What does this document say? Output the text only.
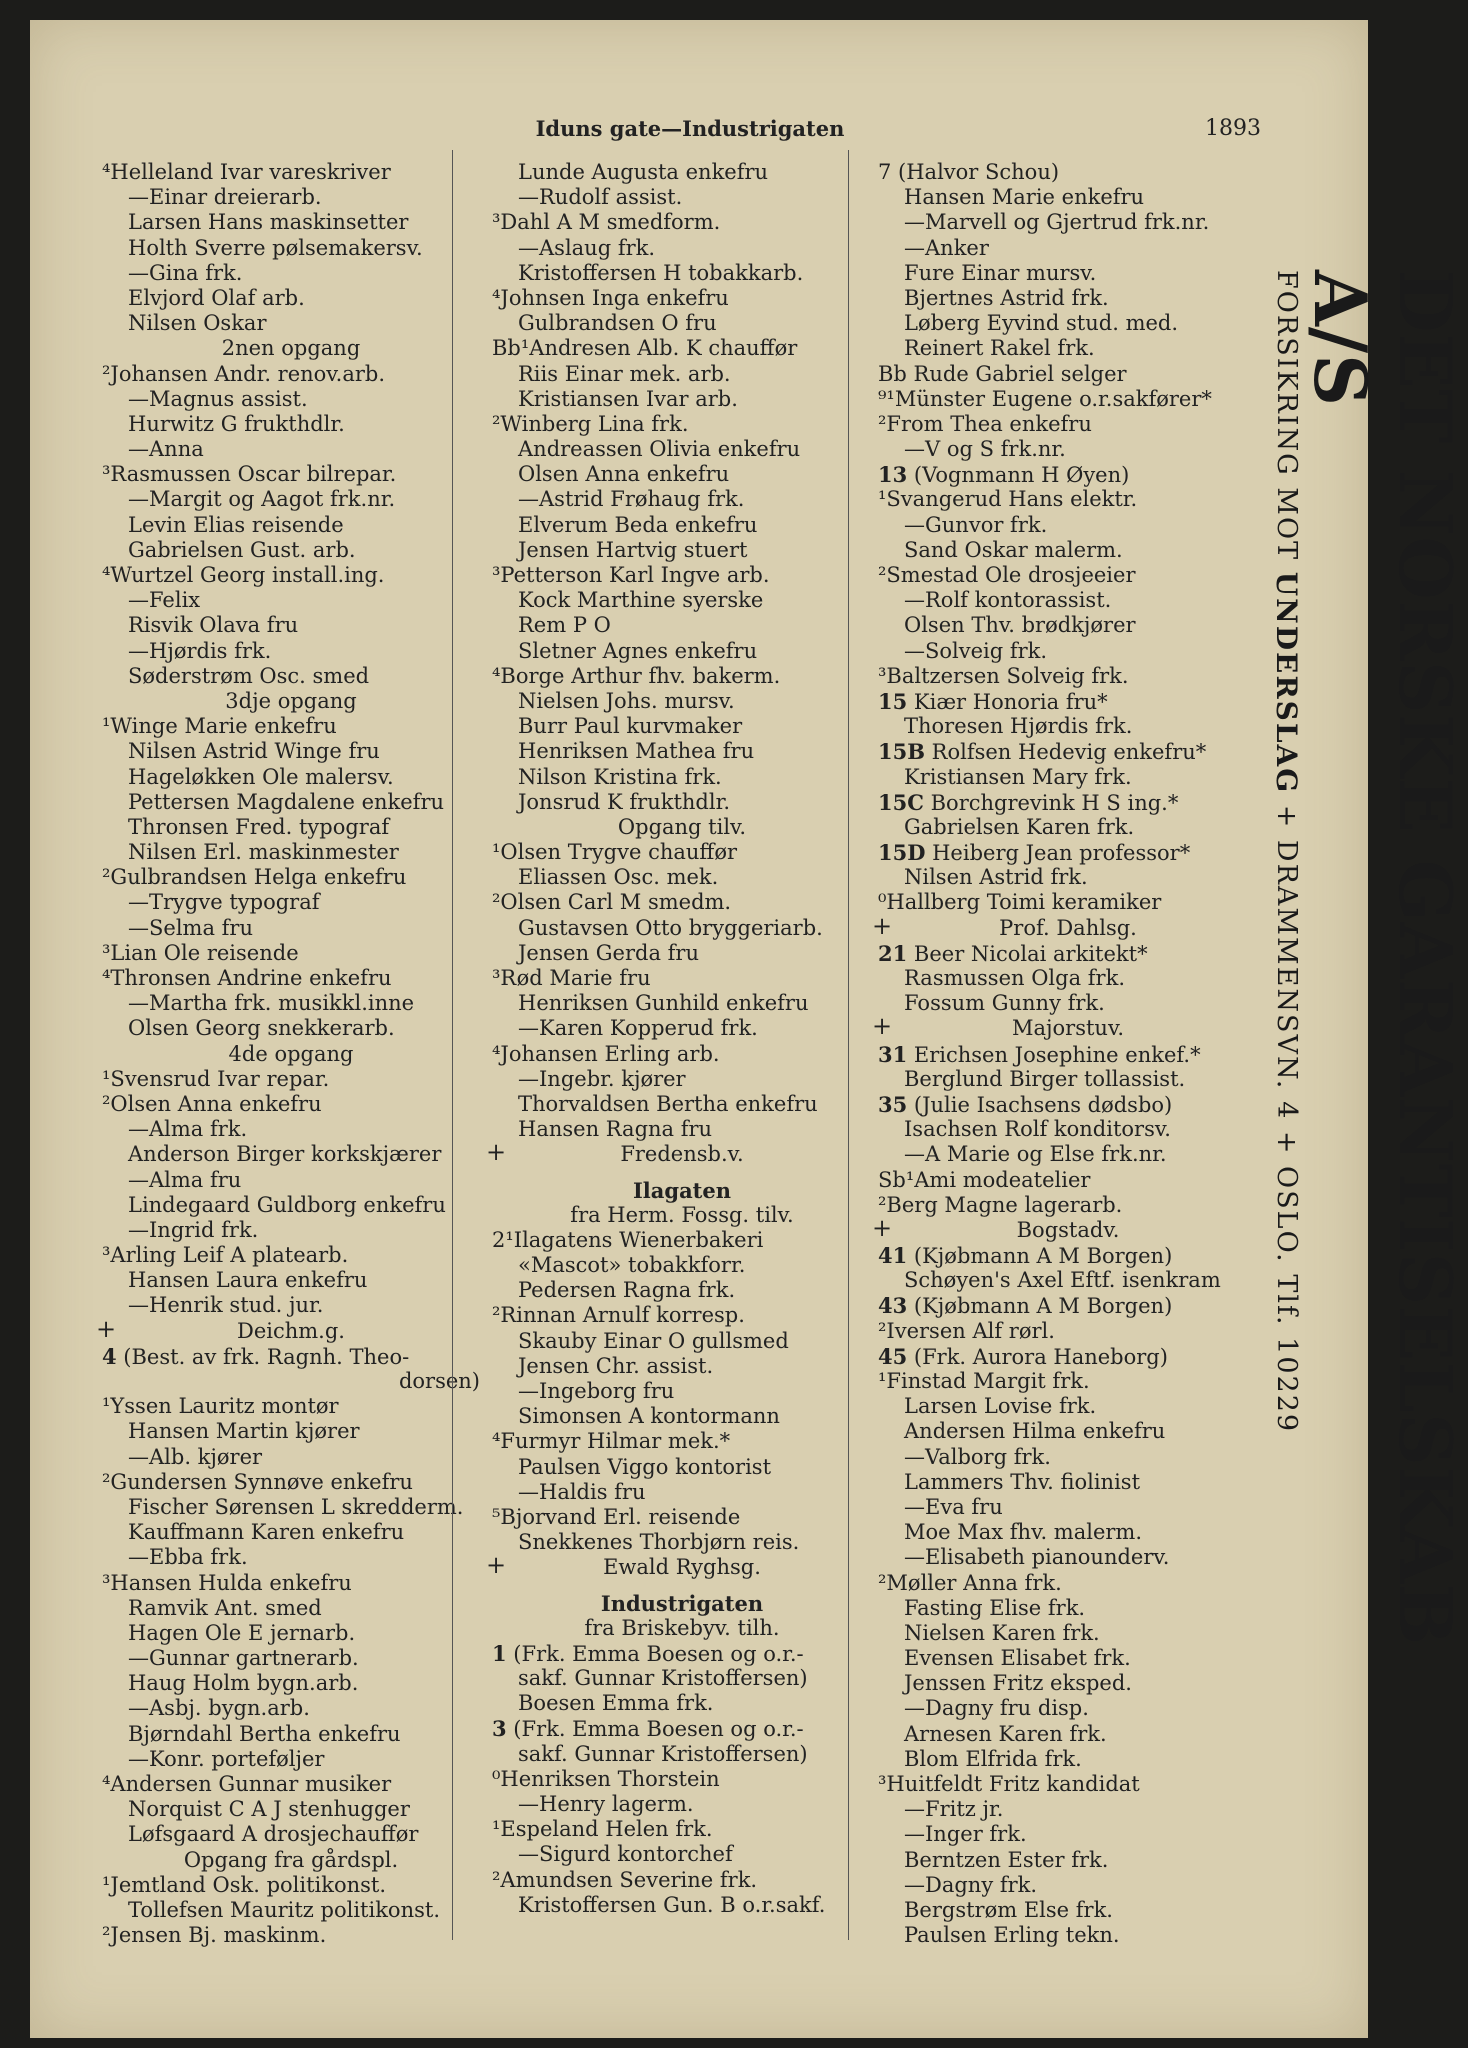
Iduns gate—Industrigaten	1893
⁴Helleland Ivar vareskriver
—Einar dreierarb.
Larsen Hans maskinsetter
Holth Sverre pølsemakersv.
—Gina frk.
Elvjord Olaf arb.
Nilsen Oskar
2nen opgang
²Johansen Andr. renov.arb.
—Magnus assist.
Hurwitz G frukthdlr.
—Anna
³Rasmussen Oscar bilrepar.
—Margit og Aagot frk.nr.
Levin Elias reisende
Gabrielsen Gust. arb.
⁴Wurtzel Georg install.ing.
—Felix
Risvik Olava fru
—Hjørdis frk.
Søderstrøm Osc. smed
3dje opgang
¹Winge Marie enkefru
Nilsen Astrid Winge fru
Hageløkken Ole malersv.
Pettersen Magdalene enkefru
Thronsen Fred. typograf
Nilsen Erl. maskinmester
²Gulbrandsen Helga enkefru
—Trygve typograf
—Selma fru
³Lian Ole reisende
⁴Thronsen Andrine enkefru
—Martha frk. musikkl.inne
Olsen Georg snekkerarb.
4de opgang
¹Svensrud Ivar repar.
²Olsen Anna enkefru
—Alma frk.
Anderson Birger korkskjærer
—Alma fru
Lindegaard Guldborg enkefru
—Ingrid frk.
³Arling Leif A platearb.
Hansen Laura enkefru
—Henrik stud. jur.
+	Deichm.g.
4 (Best. av frk. Ragnh. Theo-
dorsen)
¹Yssen Lauritz montør
Hansen Martin kjører
—Alb. kjører
²Gundersen Synnøve enkefru
Fischer Sørensen L skredderm.
Kauffmann Karen enkefru
—Ebba frk.
³Hansen Hulda enkefru
Ramvik Ant. smed
Hagen Ole E jernarb.
—Gunnar gartnerarb.
Haug Holm bygn.arb.
—Asbj. bygn.arb.
Bjørndahl Bertha enkefru
—Konr. porteføljer
⁴Andersen Gunnar musiker
Norquist C A J stenhugger
Løfsgaard A drosjechauffør
Opgang fra gårdspl.
¹Jemtland Osk. politikonst.
Tollefsen Mauritz politikonst.
²Jensen Bj. maskinm.
Lunde Augusta enkefru
—Rudolf assist.
³Dahl A M smedform.
—Aslaug frk.
Kristoffersen H tobakkarb.
⁴Johnsen Inga enkefru
Gulbrandsen O fru
Bb¹Andresen Alb. K chauffør
Riis Einar mek. arb.
Kristiansen Ivar arb.
²Winberg Lina frk.
Andreassen Olivia enkefru
Olsen Anna enkefru
—Astrid Frøhaug frk.
Elverum Beda enkefru
Jensen Hartvig stuert
³Petterson Karl Ingve arb.
Kock Marthine syerske
Rem P O
Sletner Agnes enkefru
⁴Borge Arthur fhv. bakerm.
Nielsen Johs. mursv.
Burr Paul kurvmaker
Henriksen Mathea fru
Nilson Kristina frk.
Jonsrud K frukthdlr.
Opgang tilv.
¹Olsen Trygve chauffør
Eliassen Osc. mek.
²Olsen Carl M smedm.
Gustavsen Otto bryggeriarb.
Jensen Gerda fru
³Rød Marie fru
Henriksen Gunhild enkefru
—Karen Kopperud frk.
⁴Johansen Erling arb.
—Ingebr. kjører
Thorvaldsen Bertha enkefru
Hansen Ragna fru
+	Fredensb.v.
Ilagaten
fra Herm. Fossg. tilv.
2¹Ilagatens Wienerbakeri
«Mascot» tobakkforr.
Pedersen Ragna frk.
²Rinnan Arnulf korresp.
Skauby Einar O gullsmed
Jensen Chr. assist.
—Ingeborg fru
Simonsen A kontormann
⁴Furmyr Hilmar mek.*
Paulsen Viggo kontorist
—Haldis fru
⁵Bjorvand Erl. reisende
Snekkenes Thorbjørn reis.
+	Ewald Ryghsg.
Industrigaten
fra Briskebyv. tilh.
1 (Frk. Emma Boesen og o.r.-
sakf. Gunnar Kristoffersen)
Boesen Emma frk.
3 (Frk. Emma Boesen og o.r.-
sakf. Gunnar Kristoffersen)
⁰Henriksen Thorstein
—Henry lagerm.
¹Espeland Helen frk.
—Sigurd kontorchef
²Amundsen Severine frk.
Kristoffersen Gun. B o.r.sakf.
7 (Halvor Schou)
Hansen Marie enkefru
—Marvell og Gjertrud frk.nr.
—Anker
Fure Einar mursv.
Bjertnes Astrid frk.
Løberg Eyvind stud. med.
Reinert Rakel frk.
Bb Rude Gabriel selger
⁹¹Münster Eugene o.r.sakfører*
²From Thea enkefru
—V og S frk.nr.
13 (Vognmann H Øyen)
¹Svangerud Hans elektr.
—Gunvor frk.
Sand Oskar malerm.
²Smestad Ole drosjeeier
—Rolf kontorassist.
Olsen Thv. brødkjører
—Solveig frk.
³Baltzersen Solveig frk.
15 Kiær Honoria fru*
Thoresen Hjørdis frk.
15B Rolfsen Hedevig enkefru*
Kristiansen Mary frk.
15C Borchgrevink H S ing.*
Gabrielsen Karen frk.
15D Heiberg Jean professor*
Nilsen Astrid frk.
⁰Hallberg Toimi keramiker
+	Prof. Dahlsg.
21 Beer Nicolai arkitekt*
Rasmussen Olga frk.
Fossum Gunny frk.
+	Majorstuv.
31 Erichsen Josephine enkef.*
Berglund Birger tollassist.
35 (Julie Isachsens dødsbo)
Isachsen Rolf konditorsv.
—A Marie og Else frk.nr.
Sb¹Ami modeatelier
²Berg Magne lagerarb.
+	Bogstadv.
41 (Kjøbmann A M Borgen)
Schøyen's Axel Eftf. isenkram
43 (Kjøbmann A M Borgen)
²Iversen Alf rørl.
45 (Frk. Aurora Haneborg)
¹Finstad Margit frk.
Larsen Lovise frk.
Andersen Hilma enkefru
—Valborg frk.
Lammers Thv. fiolinist
—Eva fru
Moe Max fhv. malerm.
—Elisabeth pianounderv.
²Møller Anna frk.
Fasting Elise frk.
Nielsen Karen frk.
Evensen Elisabet frk.
Jenssen Fritz eksped.
—Dagny fru disp.
Arnesen Karen frk.
Blom Elfrida frk.
³Huitfeldt Fritz kandidat
—Fritz jr.
—Inger frk.
Berntzen Ester frk.
—Dagny frk.
Bergstrøm Else frk.
Paulsen Erling tekn.
DET NORSKE GARANTISELSKAB A/S
FORSIKRING MOT UNDERSLAG + DRAMMENSVN. 4 + OSLO. Tlf. 10229
